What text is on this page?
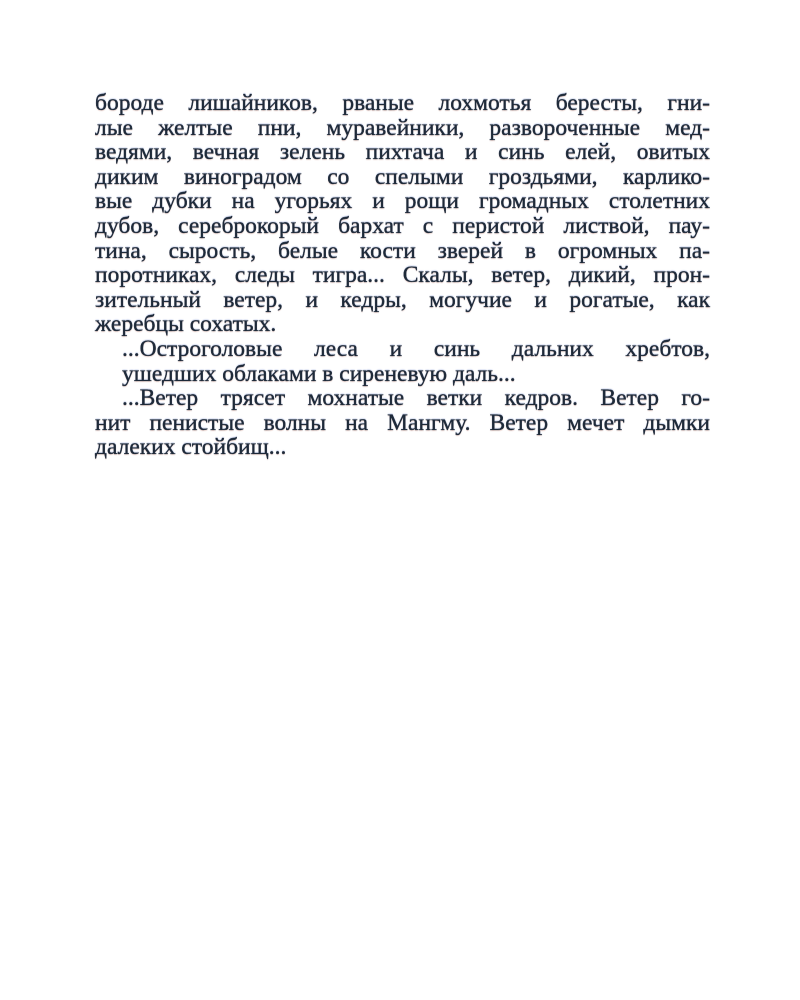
бороде лишайников, рваные лохмотья бересты, гни-
лые желтые пни, муравейники, развороченные мед-
ведями, вечная зелень пихтача и синь елей, овитых
диким виноградом со спелыми гроздьями, карлико-
вые дубки на угорьях и рощи громадных столетних
дубов, сереброкорый бархат с перистой листвой, пау-
тина, сырость, белые кости зверей в огромных па-
поротниках, следы тигра... Скалы, ветер, дикий, прон-
зительный ветер, и кедры, могучие и рогатые, как
жеребцы сохатых.
...Остроголовые леса и синь дальних хребтов,
ушедших облаками в сиреневую даль...
...Ветер трясет мохнатые ветки кедров. Ветер го-
нит пенистые волны на Мангму. Ветер мечет дымки
далеких стойбищ...
